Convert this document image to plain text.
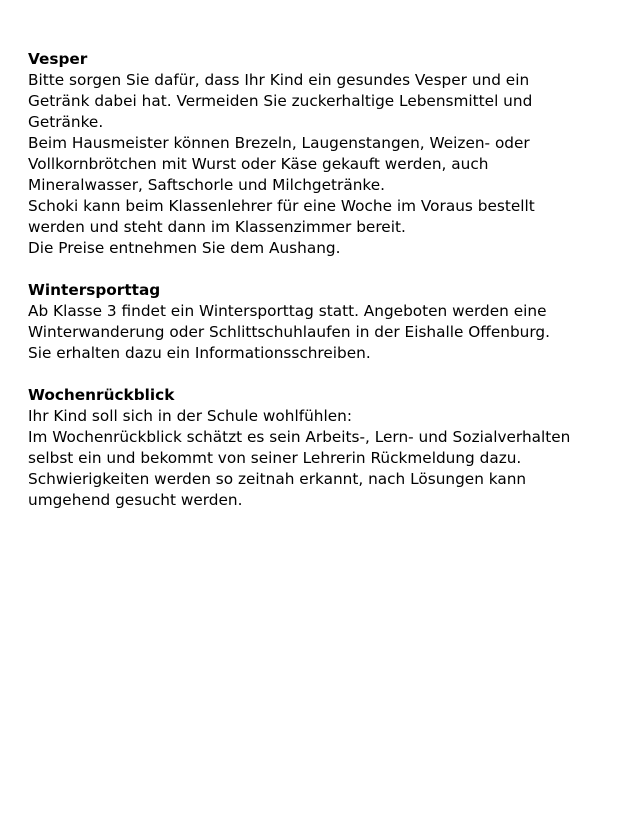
Vesper
Bitte sorgen Sie dafür, dass Ihr Kind ein gesundes Vesper und ein
Getränk dabei hat. Vermeiden Sie zuckerhaltige Lebensmittel und
Getränke.
Beim Hausmeister können Brezeln, Laugenstangen, Weizen- oder
Vollkornbrötchen mit Wurst oder Käse gekauft werden, auch
Mineralwasser, Saftschorle und Milchgetränke.
Schoki kann beim Klassenlehrer für eine Woche im Voraus bestellt
werden und steht dann im Klassenzimmer bereit.
Die Preise entnehmen Sie dem Aushang.
Wintersporttag
Ab Klasse 3 findet ein Wintersporttag statt. Angeboten werden eine
Winterwanderung oder Schlittschuhlaufen in der Eishalle Offenburg.
Sie erhalten dazu ein Informationsschreiben.
Wochenrückblick
Ihr Kind soll sich in der Schule wohlfühlen:
Im Wochenrückblick schätzt es sein Arbeits-, Lern- und Sozialverhalten
selbst ein und bekommt von seiner Lehrerin Rückmeldung dazu.
Schwierigkeiten werden so zeitnah erkannt, nach Lösungen kann
umgehend gesucht werden.
